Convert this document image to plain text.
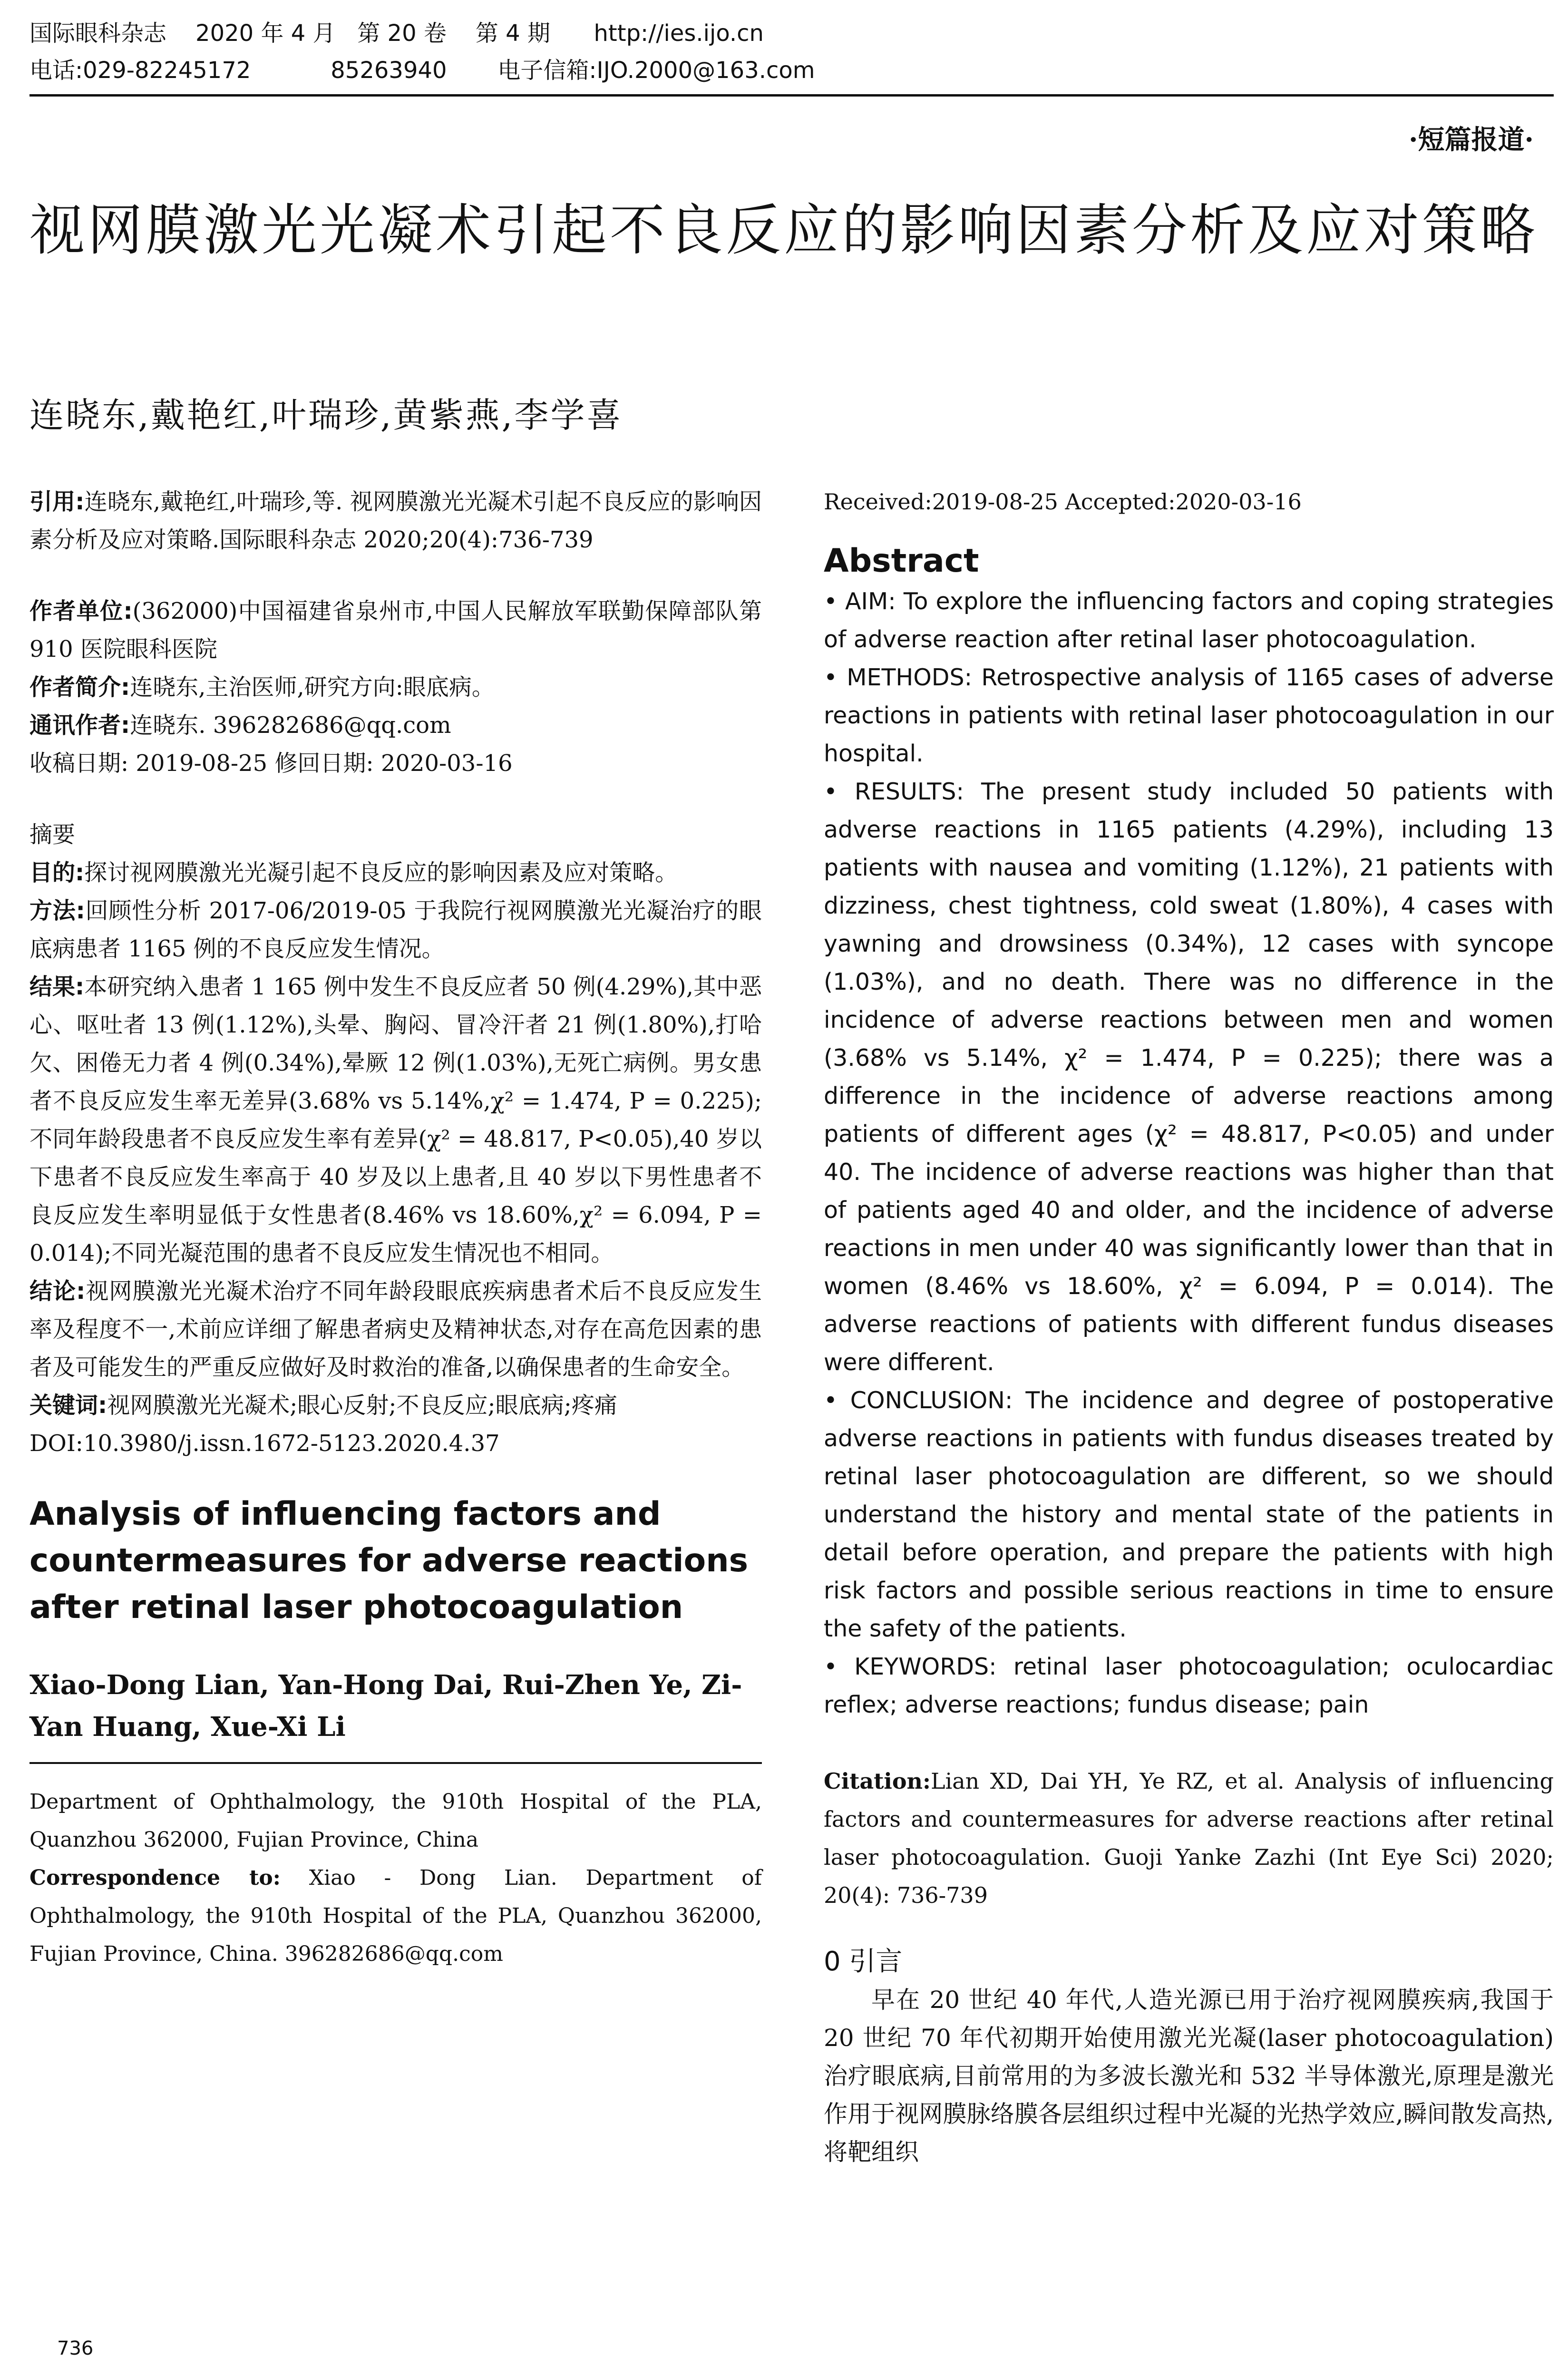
国际眼科杂志    2020 年 4 月   第 20 卷    第 4 期      http://ies.ijo.cn
电话:029-82245172           85263940       电子信箱:IJO.2000@163.com
·短篇报道·
视网膜激光光凝术引起不良反应的影响因素分析及应对策略
连晓东,戴艳红,叶瑞珍,黄紫燕,李学喜
引用:连晓东,戴艳红,叶瑞珍,等. 视网膜激光光凝术引起不良反应的影响因素分析及应对策略.国际眼科杂志 2020;20(4):736-739
作者单位:(362000)中国福建省泉州市,中国人民解放军联勤保障部队第 910 医院眼科医院
作者简介:连晓东,主治医师,研究方向:眼底病。
通讯作者:连晓东. 396282686@qq.com
收稿日期: 2019-08-25 修回日期: 2020-03-16
摘要
目的:探讨视网膜激光光凝引起不良反应的影响因素及应对策略。
方法:回顾性分析 2017-06/2019-05 于我院行视网膜激光光凝治疗的眼底病患者 1165 例的不良反应发生情况。
结果:本研究纳入患者 1 165 例中发生不良反应者 50 例(4.29%),其中恶心、呕吐者 13 例(1.12%),头晕、胸闷、冒冷汗者 21 例(1.80%),打哈欠、困倦无力者 4 例(0.34%),晕厥 12 例(1.03%),无死亡病例。男女患者不良反应发生率无差异(3.68% vs 5.14%,χ² = 1.474, P = 0.225);不同年龄段患者不良反应发生率有差异(χ² = 48.817, P<0.05),40 岁以下患者不良反应发生率高于 40 岁及以上患者,且 40 岁以下男性患者不良反应发生率明显低于女性患者(8.46% vs 18.60%,χ² = 6.094, P = 0.014);不同光凝范围的患者不良反应发生情况也不相同。
结论:视网膜激光光凝术治疗不同年龄段眼底疾病患者术后不良反应发生率及程度不一,术前应详细了解患者病史及精神状态,对存在高危因素的患者及可能发生的严重反应做好及时救治的准备,以确保患者的生命安全。
关键词:视网膜激光光凝术;眼心反射;不良反应;眼底病;疼痛
DOI:10.3980/j.issn.1672-5123.2020.4.37
Analysis of influencing factors and countermeasures for adverse reactions after retinal laser photocoagulation
Xiao-Dong Lian, Yan-Hong Dai, Rui-Zhen Ye, Zi-Yan Huang, Xue-Xi Li
Department of Ophthalmology, the 910th Hospital of the PLA, Quanzhou 362000, Fujian Province, China
Correspondence to: Xiao - Dong Lian. Department of Ophthalmology, the 910th Hospital of the PLA, Quanzhou 362000, Fujian Province, China. 396282686@qq.com
Received:2019-08-25 Accepted:2020-03-16
Abstract
• AIM: To explore the influencing factors and coping strategies of adverse reaction after retinal laser photocoagulation.
• METHODS: Retrospective analysis of 1165 cases of adverse reactions in patients with retinal laser photocoagulation in our hospital.
• RESULTS: The present study included 50 patients with adverse reactions in 1165 patients (4.29%), including 13 patients with nausea and vomiting (1.12%), 21 patients with dizziness, chest tightness, cold sweat (1.80%), 4 cases with yawning and drowsiness (0.34%), 12 cases with syncope (1.03%), and no death. There was no difference in the incidence of adverse reactions between men and women (3.68% vs 5.14%, χ² = 1.474, P = 0.225); there was a difference in the incidence of adverse reactions among patients of different ages (χ² = 48.817, P<0.05) and under 40. The incidence of adverse reactions was higher than that of patients aged 40 and older, and the incidence of adverse reactions in men under 40 was significantly lower than that in women (8.46% vs 18.60%, χ² = 6.094, P = 0.014). The adverse reactions of patients with different fundus diseases were different.
• CONCLUSION: The incidence and degree of postoperative adverse reactions in patients with fundus diseases treated by retinal laser photocoagulation are different, so we should understand the history and mental state of the patients in detail before operation, and prepare the patients with high risk factors and possible serious reactions in time to ensure the safety of the patients.
• KEYWORDS: retinal laser photocoagulation; oculocardiac reflex; adverse reactions; fundus disease; pain
Citation:Lian XD, Dai YH, Ye RZ, et al. Analysis of influencing factors and countermeasures for adverse reactions after retinal laser photocoagulation. Guoji Yanke Zazhi (Int Eye Sci) 2020; 20(4): 736-739
0 引言
早在 20 世纪 40 年代,人造光源已用于治疗视网膜疾病,我国于 20 世纪 70 年代初期开始使用激光光凝(laser photocoagulation)治疗眼底病,目前常用的为多波长激光和 532 半导体激光,原理是激光作用于视网膜脉络膜各层组织过程中光凝的光热学效应,瞬间散发高热,将靶组织
736
